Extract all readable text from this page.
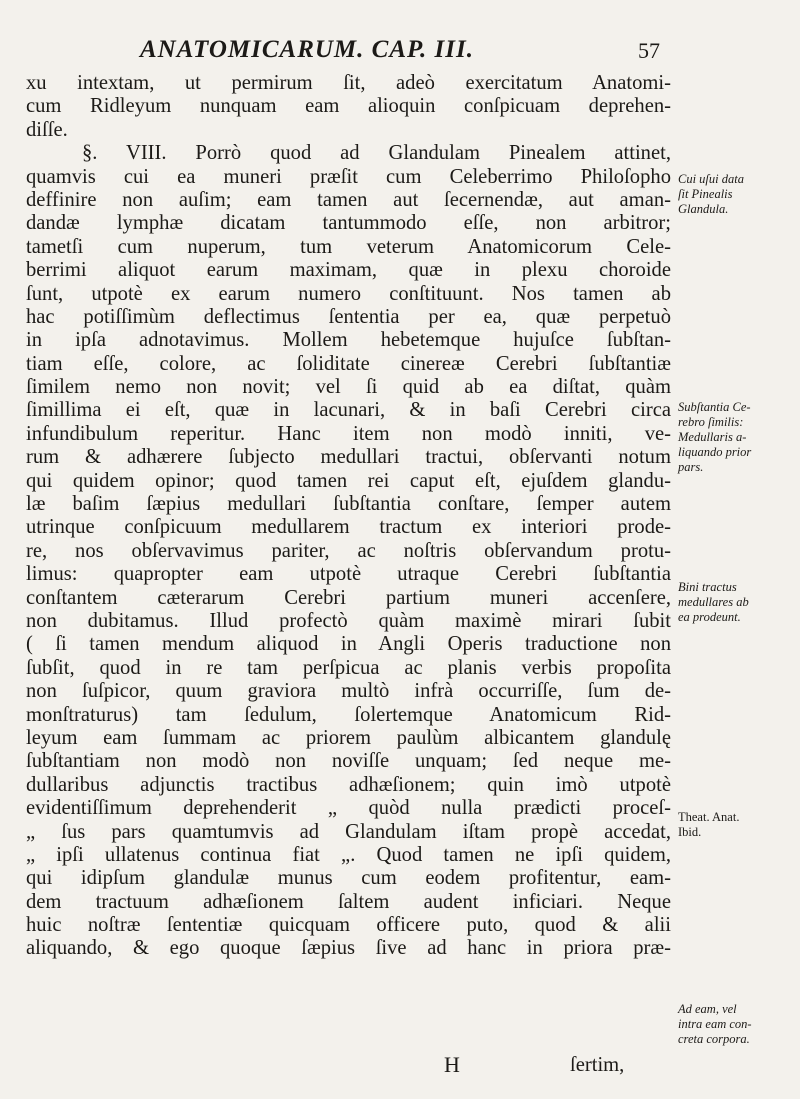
ANATOMICARUM. CAP. III.	57
xu intextam, ut permirum ſit, adeò exercitatum Anatomi-
cum Ridleyum nunquam eam alioquin conſpicuam deprehen-
diſſe.
§. VIII. Porrò quod ad Glandulam Pinealem attinet,
quamvis cui ea muneri præſit cum Celeberrimo Philoſopho
deffinire non auſim; eam tamen aut ſecernendæ, aut aman-
dandæ lymphæ dicatam tantummodo eſſe, non arbitror;
tametſi cum nuperum, tum veterum Anatomicorum Cele-
berrimi aliquot earum maximam, quæ in plexu choroide
ſunt, utpotè ex earum numero conſtituunt. Nos tamen ab
hac potiſſimùm deflectimus ſententia per ea, quæ perpetuò
in ipſa adnotavimus. Mollem hebetemque hujuſce ſubſtan-
tiam eſſe, colore, ac ſoliditate cinereæ Cerebri ſubſtantiæ
ſimilem nemo non novit; vel ſi quid ab ea diſtat, quàm
ſimillima ei eſt, quæ in lacunari, & in baſi Cerebri circa
infundibulum reperitur. Hanc item non modò inniti, ve-
rum & adhærere ſubjecto medullari tractui, obſervanti notum
qui quidem opinor; quod tamen rei caput eſt, ejuſdem glandu-
læ baſim ſæpius medullari ſubſtantia conſtare, ſemper autem
utrinque conſpicuum medullarem tractum ex interiori prode-
re, nos obſervavimus pariter, ac noſtris obſervandum protu-
limus: quapropter eam utpotè utraque Cerebri ſubſtantia
conſtantem cæterarum Cerebri partium muneri accenſere,
non dubitamus. Illud profectò quàm maximè mirari ſubit
( ſi tamen mendum aliquod in Angli Operis traductione non
ſubſit, quod in re tam perſpicua ac planis verbis propoſita
non ſuſpicor, quum graviora multò infrà occurriſſe, ſum de-
monſtraturus) tam ſedulum, ſolertemque Anatomicum Rid-
leyum eam ſummam ac priorem paulùm albicantem glandulę
ſubſtantiam non modò non noviſſe unquam; ſed neque me-
dullaribus adjunctis tractibus adhæſionem; quin imò utpotè
evidentiſſimum deprehenderit „ quòd nulla prædicti proceſ-
„ ſus pars quamtumvis ad Glandulam iſtam propè accedat,
„ ipſi ullatenus continua fiat „. Quod tamen ne ipſi quidem,
qui idipſum glandulæ munus cum eodem profitentur, eam-
dem tractuum adhæſionem ſaltem audent inficiari. Neque
huic noſtræ ſententiæ quicquam officere puto, quod & alii
aliquando, & ego quoque ſæpius ſive ad hanc in priora præ-
Cui uſui data
ſit Pinealis
Glandula.
Subſtantia Ce-
rebro ſimilis:
Medullaris a-
liquando prior
pars.
Bini tractus
medullares ab
ea prodeunt.
Theat. Anat.
Ibid.
Ad eam, vel
intra eam con-
creta corpora.
H	ſertim,
